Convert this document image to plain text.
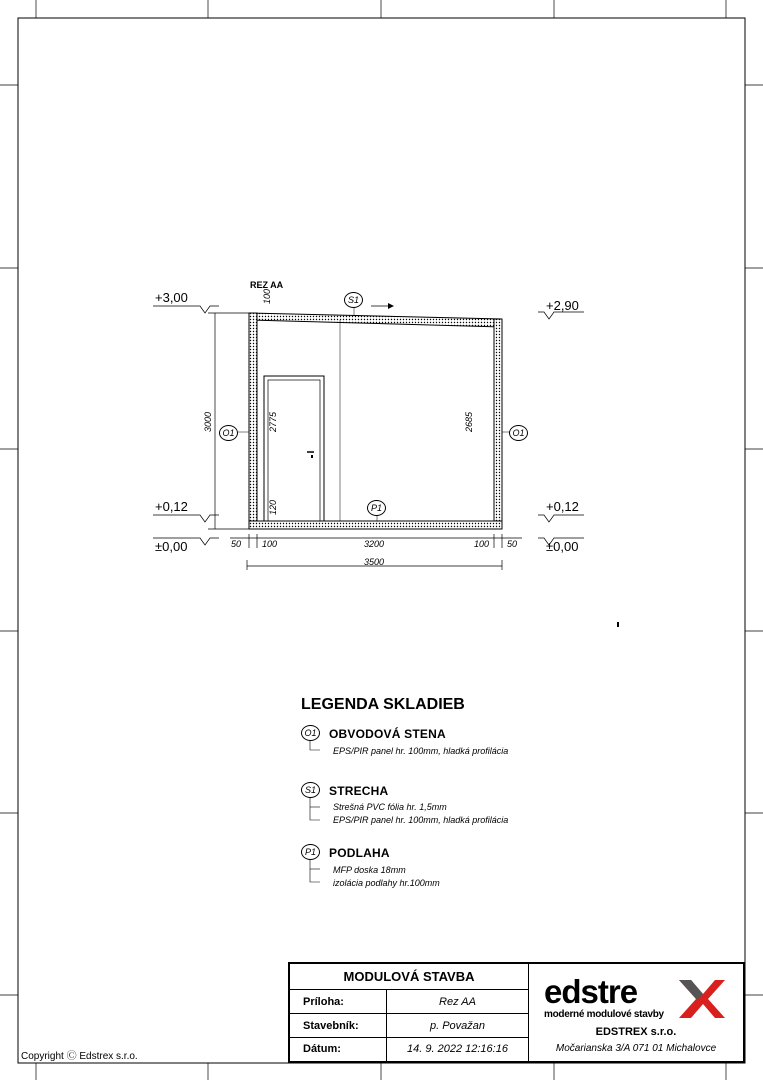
REZ AA
+3,00
+2,90
+0,12	+0,12
±0,00	±0,00
100
3000	2775
120
2685
50 100	3200	100 50
3500
S1
O1	O1
P1
LEGENDA SKLADIEB
O1 OBVODOVÁ STENA
EPS/PIR panel hr. 100mm, hladká profilácia
S1	STRECHA
Strešná PVC fólia hr. 1,5mm
EPS/PIR panel hr. 100mm, hladká profilácia
P1	PODLAHA
MFP doska 18mm
izolácia podlahy hr.100mm
MODULOVÁ STAVBA
Príloha:	Rez AA
Stavebník:	p. Považan
Dátum:	14. 9. 2022 12:16:16
edstre
moderné modulové stavby
EDSTREX s.r.o.
Močarianska 3/A 071 01 Michalovce
Copyright Ⓒ Edstrex s.r.o.
